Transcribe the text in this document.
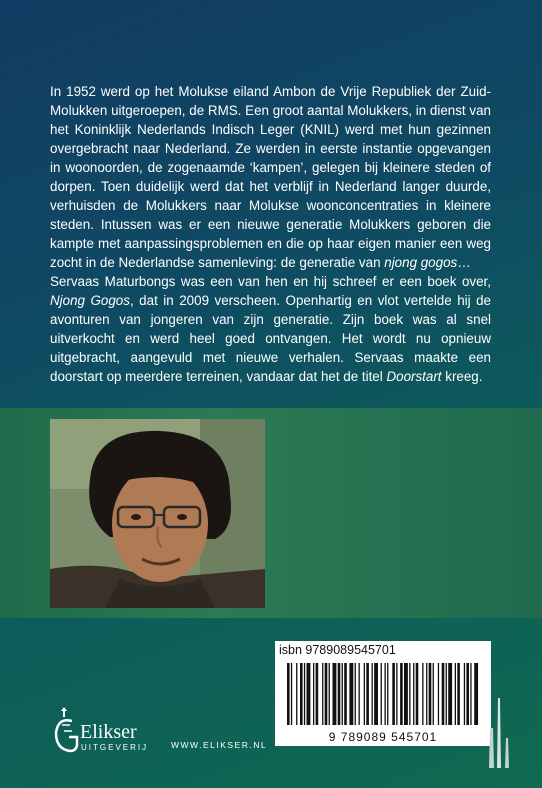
In 1952 werd op het Molukse eiland Ambon de Vrije Republiek der Zuid-Molukken uitgeroepen, de RMS. Een groot aantal Molukkers, in dienst van het Koninklijk Nederlands Indisch Leger (KNIL) werd met hun gezinnen overgebracht naar Nederland. Ze werden in eerste instantie opgevangen in woonoorden, de zogenaamde ‘kampen’, gelegen bij kleinere steden of dorpen. Toen duidelijk werd dat het verblijf in Nederland langer duurde, verhuisden de Molukkers naar Molukse woonconcentraties in kleinere steden. Intussen was er een nieuwe generatie Molukkers geboren die kampte met aanpassingsproblemen en die op haar eigen manier een weg zocht in de Nederlandse samenleving: de generatie van njong gogos…

Servaas Maturbongs was een van hen en hij schreef er een boek over, Njong Gogos, dat in 2009 verscheen. Openhartig en vlot vertelde hij de avonturen van jongeren van zijn generatie. Zijn boek was al snel uitverkocht en werd heel goed ontvangen. Het wordt nu opnieuw uitgebracht, aangevuld met nieuwe verhalen. Servaas maakte een doorstart op meerdere terreinen, vandaar dat het de titel Doorstart kreeg.

isbn 9789089545701
9 789089 545701
Elikser
UITGEVERIJ	WWW.ELIKSER.NL
